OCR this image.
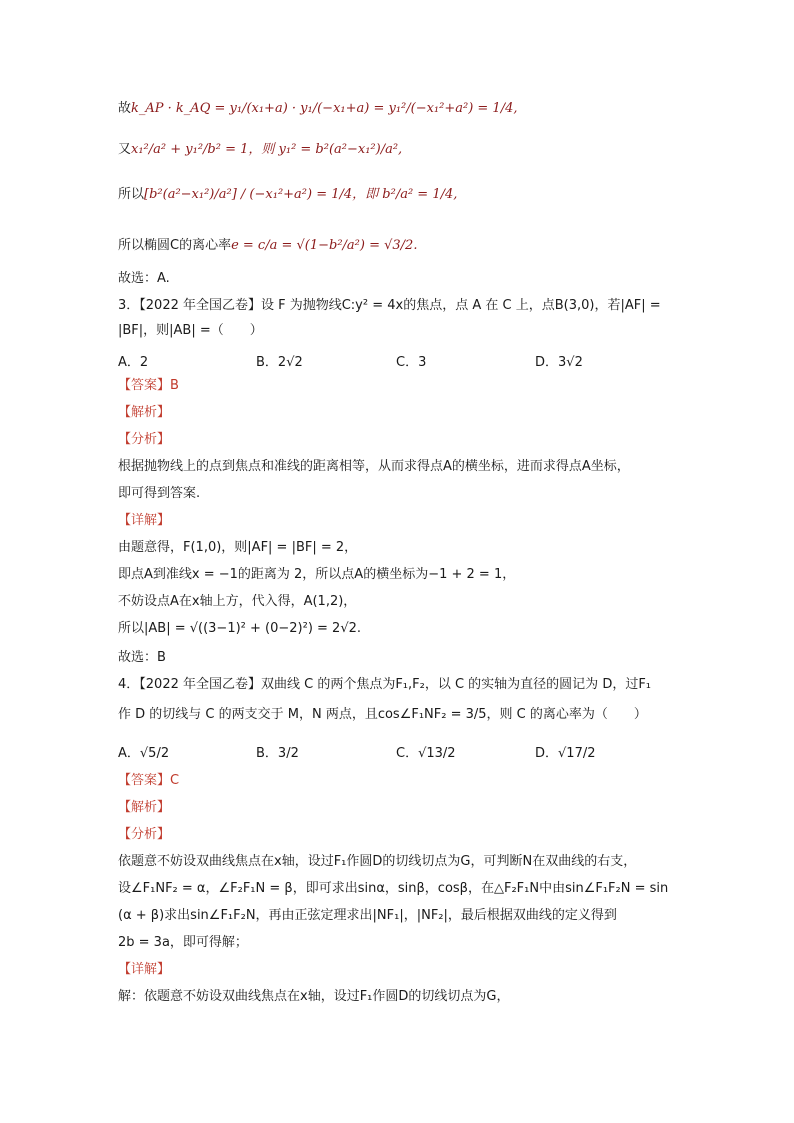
故k_AP · k_AQ = y₁/(x₁+a) · y₁/(−x₁+a) = y₁²/(−x₁²+a²) = 1/4,
又x₁²/a² + y₁²/b² = 1，则 y₁² = b²(a²−x₁²)/a²,
所以[b²(a²−x₁²)/a²] / (−x₁²+a²) = 1/4，即 b²/a² = 1/4,
所以椭圆C的离心率e = c/a = √(1−b²/a²) = √3/2.
故选：A.
3．【2022 年全国乙卷】设 F 为抛物线C:y² = 4x的焦点，点 A 在 C 上，点B(3,0)，若|AF| =
|BF|，则|AB| =（　　）
A．2	B．2√2	C．3	D．3√2
【答案】B
【解析】
【分析】
根据抛物线上的点到焦点和准线的距离相等，从而求得点A的横坐标，进而求得点A坐标，
即可得到答案.
【详解】
由题意得，F(1,0)，则|AF| = |BF| = 2，
即点A到准线x = −1的距离为 2，所以点A的横坐标为−1 + 2 = 1，
不妨设点A在x轴上方，代入得，A(1,2)，
所以|AB| = √((3−1)² + (0−2)²) = 2√2.
故选：B
4．【2022 年全国乙卷】双曲线 C 的两个焦点为F₁,F₂，以 C 的实轴为直径的圆记为 D，过F₁
作 D 的切线与 C 的两支交于 M，N 两点，且cos∠F₁NF₂ = 3/5，则 C 的离心率为（　　）
A．√5/2	B．3/2	C．√13/2	D．√17/2
【答案】C
【解析】
【分析】
依题意不妨设双曲线焦点在x轴，设过F₁作圆D的切线切点为G，可判断N在双曲线的右支，
设∠F₁NF₂ = α，∠F₂F₁N = β，即可求出sinα，sinβ，cosβ，在△F₂F₁N中由sin∠F₁F₂N = sin
(α + β)求出sin∠F₁F₂N，再由正弦定理求出|NF₁|，|NF₂|，最后根据双曲线的定义得到
2b = 3a，即可得解；
【详解】
解：依题意不妨设双曲线焦点在x轴，设过F₁作圆D的切线切点为G，
